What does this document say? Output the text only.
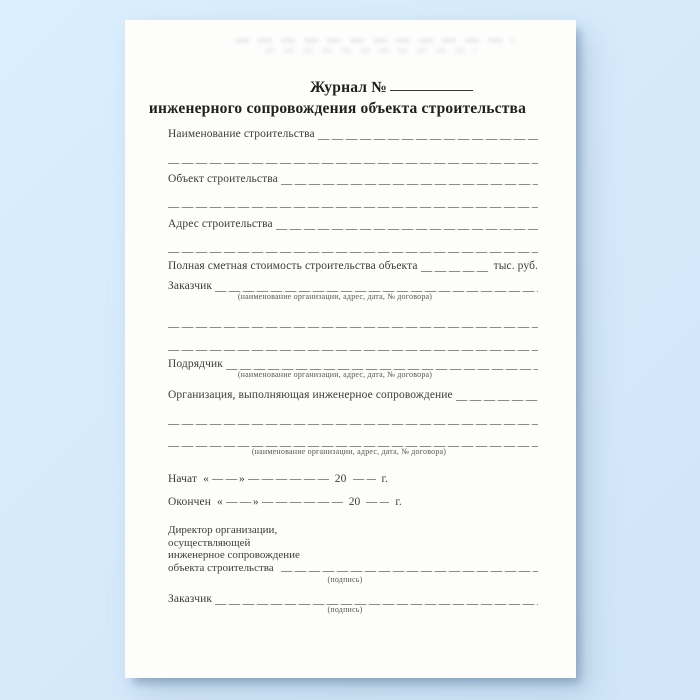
Журнал №
инженерного сопровождения объекта строительства
Наименование строительства
Объект строительства
Адрес строительства
Полная сметная стоимость строительства объекта	тыс. руб.
Заказчик
(наименование организации, адрес, дата, № договора)
Подрядчик
(наименование организации, адрес, дата, № договора)
Организация, выполняющая инженерное сопровождение
(наименование организации, адрес, дата, № договора)
Начат «	»	20	г.
Окончен «	»	20	г.
Директор организации,
осуществляющей
инженерное сопровождение
объекта строительства
(подпись)
Заказчик
(подпись)
